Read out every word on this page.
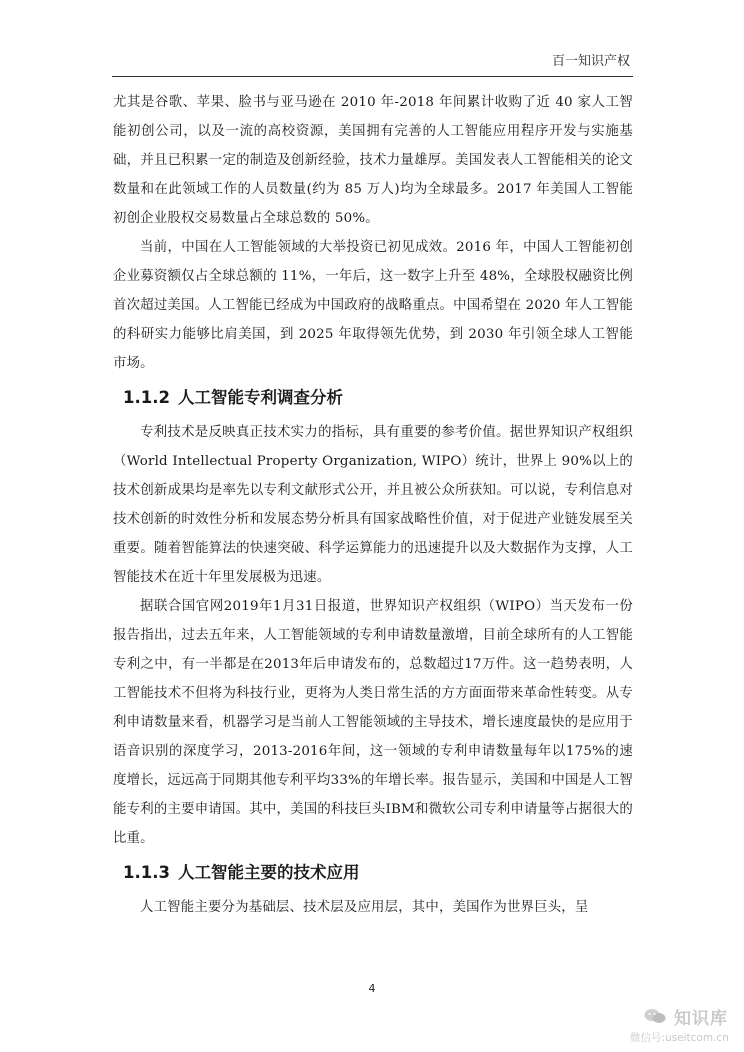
百一知识产权

尤其是谷歌、苹果、脸书与亚马逊在 2010 年-2018 年间累计收购了近 40 家人工智能初创公司，以及一流的高校资源，美国拥有完善的人工智能应用程序开发与实施基础，并且已积累一定的制造及创新经验，技术力量雄厚。美国发表人工智能相关的论文数量和在此领域工作的人员数量(约为 85 万人)均为全球最多。2017 年美国人工智能初创企业股权交易数量占全球总数的 50%。

当前，中国在人工智能领域的大举投资已初见成效。2016 年，中国人工智能初创企业募资额仅占全球总额的 11%，一年后，这一数字上升至 48%，全球股权融资比例首次超过美国。人工智能已经成为中国政府的战略重点。中国希望在 2020 年人工智能的科研实力能够比肩美国，到 2025 年取得领先优势，到 2030 年引领全球人工智能市场。

1.1.2 人工智能专利调查分析

专利技术是反映真正技术实力的指标，具有重要的参考价值。据世界知识产权组织（World Intellectual Property Organization, WIPO）统计，世界上 90%以上的技术创新成果均是率先以专利文献形式公开，并且被公众所获知。可以说，专利信息对技术创新的时效性分析和发展态势分析具有国家战略性价值，对于促进产业链发展至关重要。随着智能算法的快速突破、科学运算能力的迅速提升以及大数据作为支撑，人工智能技术在近十年里发展极为迅速。

据联合国官网2019年1月31日报道，世界知识产权组织（WIPO）当天发布一份报告指出，过去五年来，人工智能领域的专利申请数量激增，目前全球所有的人工智能专利之中，有一半都是在2013年后申请发布的，总数超过17万件。这一趋势表明，人工智能技术不但将为科技行业，更将为人类日常生活的方方面面带来革命性转变。从专利申请数量来看，机器学习是当前人工智能领域的主导技术，增长速度最快的是应用于语音识别的深度学习，2013-2016年间，这一领域的专利申请数量每年以175%的速度增长，远远高于同期其他专利平均33%的年增长率。报告显示，美国和中国是人工智能专利的主要申请国。其中，美国的科技巨头IBM和微软公司专利申请量等占据很大的比重。

1.1.3 人工智能主要的技术应用

人工智能主要分为基础层、技术层及应用层，其中，美国作为世界巨头，呈

4
知识库
微信号:useitcom.cn
